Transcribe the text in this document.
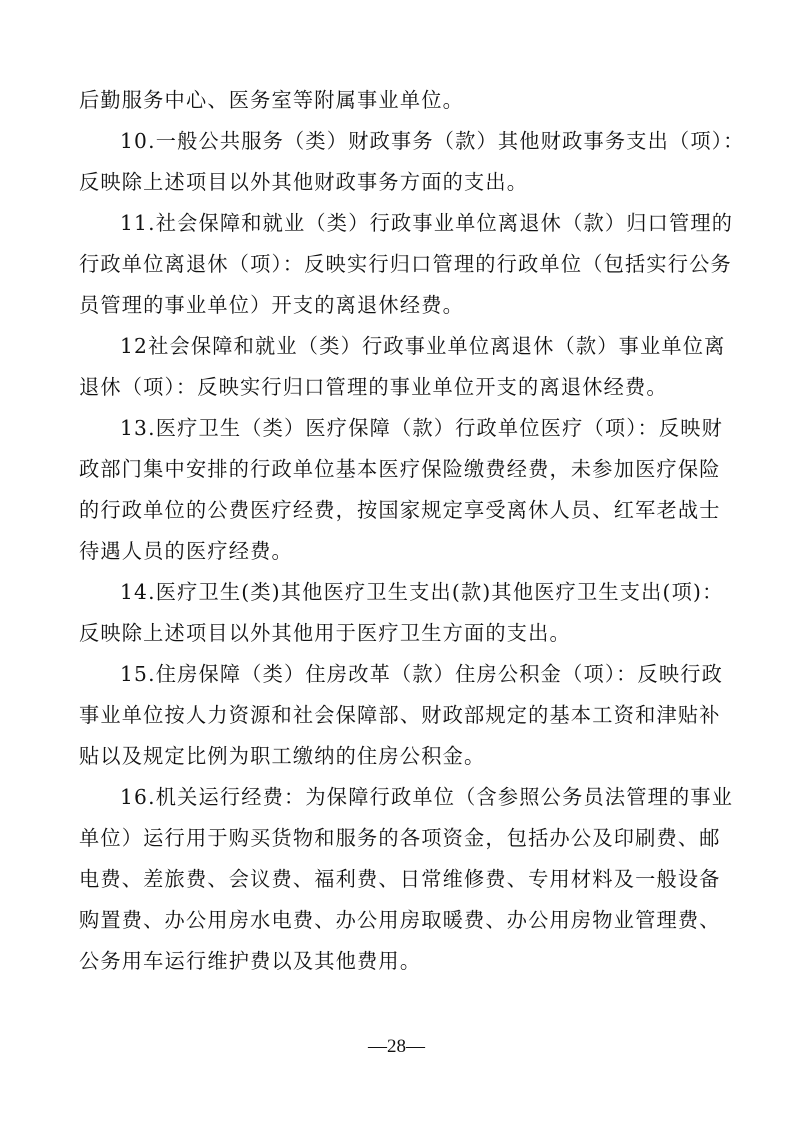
后勤服务中心、医务室等附属事业单位。
10.一般公共服务（类）财政事务（款）其他财政事务支出（项）：
反映除上述项目以外其他财政事务方面的支出。
11.社会保障和就业（类）行政事业单位离退休（款）归口管理的
行政单位离退休（项）：反映实行归口管理的行政单位（包括实行公务
员管理的事业单位）开支的离退休经费。
12社会保障和就业（类）行政事业单位离退休（款）事业单位离
退休（项）：反映实行归口管理的事业单位开支的离退休经费。
13.医疗卫生（类）医疗保障（款）行政单位医疗（项）：反映财
政部门集中安排的行政单位基本医疗保险缴费经费，未参加医疗保险
的行政单位的公费医疗经费，按国家规定享受离休人员、红军老战士
待遇人员的医疗经费。
14.医疗卫生(类)其他医疗卫生支出(款)其他医疗卫生支出(项)：
反映除上述项目以外其他用于医疗卫生方面的支出。
15.住房保障（类）住房改革（款）住房公积金（项）：反映行政
事业单位按人力资源和社会保障部、财政部规定的基本工资和津贴补
贴以及规定比例为职工缴纳的住房公积金。
16.机关运行经费：为保障行政单位（含参照公务员法管理的事业
单位）运行用于购买货物和服务的各项资金，包括办公及印刷费、邮
电费、差旅费、会议费、福利费、日常维修费、专用材料及一般设备
购置费、办公用房水电费、办公用房取暖费、办公用房物业管理费、
公务用车运行维护费以及其他费用。
—28—
